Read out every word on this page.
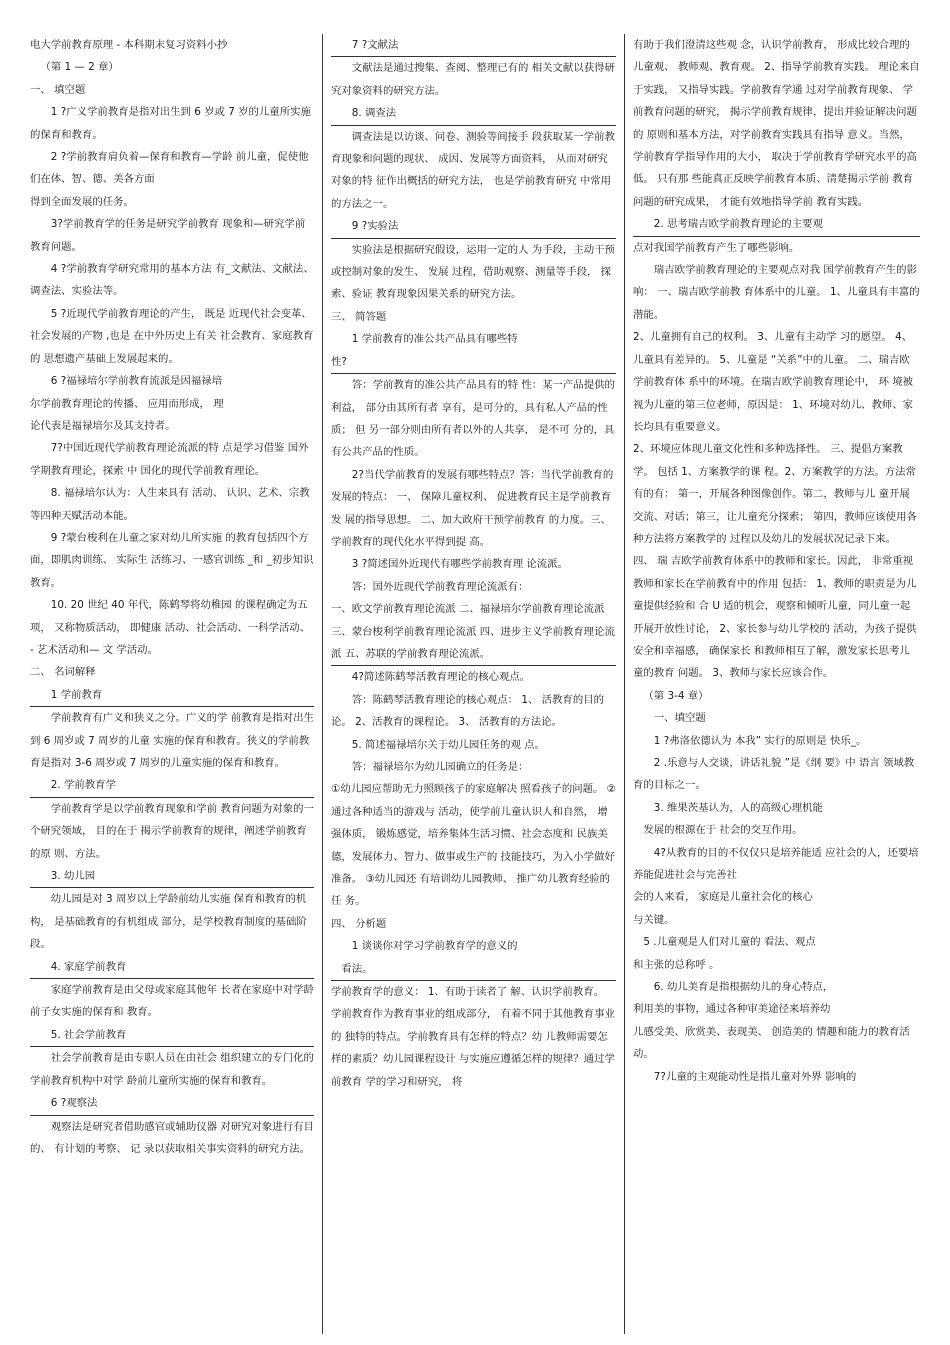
电大学前教育原理 - 本科期末复习资料小抄

（第 1 — 2 章）

一、 填空题

1 ?广义学前教育是指对出生到 6 岁或 7 岁的儿童所实施的保育和教育。

2 ?学前教育肩负着—保育和教育—学龄 前儿童，促使他们在体、智、德、美各方面

得到全面发展的任务。

3?学前教育学的任务是研究学前教育 现象和—研究学前教育问题。

4 ?学前教育学研究常用的基本方法 有_文献法、文献法、调查法、实验法等。

5 ?近现代学前教育理论的产生， 既是 近现代社会变革、社会发展的产物 ,也是 在中外历史上有关 社会教育、家庭教育的 思想遗产基础上发展起来的。

6 ?福禄培尔学前教育流派是因福禄培

尔学前教育理论的传播、 应用而形成， 理

论代表是福禄培尔及其支持者。

7?中国近现代学前教育理论流派的特 点是学习借鉴 国外学期教育理论，探索 中 国化的现代学前教育理论。

8. 福禄培尔认为：人生来具有 活动、 认识、艺术、宗教等四种天赋活动本能。

9 ?蒙台梭利在儿童之家对幼儿所实施 的教育包括四个方面，即肌肉训练、 实际生 活练习、一感官训练 _和 _初步知识教育。

10. 20 世纪 40 年代，陈鹤琴将幼稚园 的课程确定为五项， 又称物质活动， 即健康 活动、社会活动、一科学活动、 - 艺术活动和— 文 学活动。

二、 名词解释

1 学前教育

学前教育有广义和狭义之分。广义的学 前教育是指对出生到 6 周岁或 7 周岁的儿童 实施的保育和教育。狭义的学前教育是指对 3-6 周岁或 7 周岁的儿童实施的保育和教育。

2. 学前教育学

学前教育学是以学前教育现象和学前 教育问题为对象的一个研究领域， 目的在于 揭示学前教育的规律，阐述学前教育的原 则、方法。

3. 幼儿园

幼儿园是对 3 周岁以上学龄前幼儿实施 保育和教育的机构， 是基础教育的有机组成 部分，是学校教育制度的基础阶段。

4. 家庭学前教育

家庭学前教育是由父母或家庭其他年 长者在家庭中对学龄前子女实施的保育和 教育。

5. 社会学前教育

社会学前教育是由专职人员在由社会 组织建立的专门化的学前教育机构中对学 龄前儿童所实施的保育和教育。

6 ?观察法

观察法是研究者借助感官或辅助仪器 对研究对象进行有目的、 有计划的考察、 记 录以获取相关事实资料的研究方法。

7 ?文献法

文献法是通过搜集、查阅、整理已有的 相关文献以获得研究对象资料的研究方法。

8. 调查法

调查法是以访谈、问卷、测验等间接手 段获取某一学前教育现象和问题的现状、 成因、发展等方面资料， 从而对研究对象的特 征作出概括的研究方法， 也是学前教育研究 中常用的方法之一。

9 ?实验法

实验法是根据研究假设，运用一定的人 为手段，主动干预或控制对象的发生、 发展 过程，借助观察、测量等手段， 探索、验证 教育现象因果关系的研究方法。

三、 简答题

1 学前教育的准公共产品具有哪些特

性?

答：学前教育的准公共产品具有的特 性：某一产品提供的利益， 部分由其所有者 享有，是可分的，具有私人产品的性质； 但 另一部分则由所有者以外的人共享， 是不可 分的，具有公共产品的性质。

2?当代学前教育的发展有哪些特点？答：当代学前教育的发展的特点： 一、 保障儿童权利、 促进教育民主是学前教育发 展的指导思想。 二、加大政府干预学前教育 的力度。三、学前教育的现代化水平得到提 高。

3 ?简述国外近现代有哪些学前教育理 论流派。

答：国外近现代学前教育理论流派有：

一、欧文学前教育理论流派 二、福禄培尔学前教育理论流派 三、蒙台梭利学前教育理论流派 四、进步主义学前教育理论流派 五、苏联的学前教育理论流派。

4?简述陈鹤琴活教育理论的核心观点。

答：陈鹤琴活教育理论的核心观点： 1、 活教育的目的论。 2、活教育的课程论。 3、 活教育的方法论。

5. 简述福禄培尔关于幼儿园任务的观 点。

答：福禄培尔为幼儿园确立的任务是：

①幼儿园应帮助无力照顾孩子的家庭解决 照看孩子的问题。 ②通过各种适当的游戏与 活动，使学前儿童认识人和自然， 增强体质， 锻炼感觉，培养集体生活习惯、社会态度和 民族美德，发展体力、智力、做事或生产的 技能技巧，为入小学做好准备。 ③幼儿园还 有培训幼儿园教师、 推广幼儿教育经验的任 务。

四、 分析题

1 谈谈你对学习学前教育学的意义的

看法。

学前教育学的意义： 1、有助于读者了 解、认识学前教育。 学前教育作为教育事业的组成部分， 有着不同于其他教育事业的 独特的特点。学前教育具有怎样的特点？幼 儿教师需要怎样的素质？幼儿园课程设计 与实施应遵循怎样的规律？通过学前教育 学的学习和研究， 将

有助于我们澄清这些观 念，认识学前教育， 形成比较合理的儿童观、 教师观、教育观。 2、指导学前教育实践。 理论来自于实践， 又指导实践。学前教育学通 过对学前教育现象、 学前教育问题的研究， 揭示学前教育规律，提出并验证解决问题的 原则和基本方法，对学前教育实践具有指导 意义。当然，学前教育学指导作用的大小， 取决于学前教育学研究水平的高低。 只有那 些能真正反映学前教育本质、清楚揭示学前 教育问题的研究成果， 才能有效地指导学前 教育实践。

2. 思考瑞吉欧学前教育理论的主要观

点对我国学前教育产生了哪些影响。

瑞吉欧学前教育理论的主要观点对我 国学前教育产生的影响： 一、瑞吉欧学前教 育体系中的儿童。 1、儿童具有丰富的潜能。

2、儿童拥有自己的权利。 3、儿童有主动学 习的愿望。 4、儿童具有差异的。 5、儿童是 “关系”中的儿童。 二、瑞吉欧学前教育体 系中的环境。在瑞吉欧学前教育理论中， 环 境被视为儿童的第三位老师，原因是： 1、环境对幼儿、教师、家长均具有重要意义。

2、环境应体现儿童文化性和多种选择性。 三、提倡方案教学。 包括 1、方案教学的课 程。2、方案教学的方法。方法常有的有： 第一，开展各种图像创作。第二，教师与儿 童开展交流、对话；第三，让儿童充分探索； 第四，教师应该使用各种方法将方案教学的 过程以及幼儿的发展状况记录下来。 四、 瑞 吉欧学前教育体系中的教师和家长。因此， 非常重视教师和家长在学前教育中的作用 包括： 1、教师的职责是为儿童提供经验和 合 U 适的机会，观察和倾听儿童，同儿童一起 开展开放性讨论， 2、家长参与幼儿学校的 活动，为孩子提供安全和幸福感， 确保家长 和教师相互了解，激发家长思考儿童的教育 问题。 3、教师与家长应该合作。

（第 3-4 章）

一、填空题

1 ?弗洛依德认为 本我” 实行的原则是 快乐_。

2 .乐意与人交谈，讲话礼貌 ”是《纲 要》中 语言 领域教育的目标之一。

3. 维果茨基认为，人的高级心理机能

发展的根源在于 社会的交互作用。

4?从教育的目的不仅仅只是培养能适 应社会的人，还要培养能促进社会与完善社

会的人来看， 家庭是儿童社会化的核心

与关键。

5 .儿童观是人们对儿童的 看法、观点

和主张的总称呼 。

6. 幼儿美育是指根据幼儿的身心特点，

利用美的事物，通过各种审美途径来培养幼

儿感受美、欣赏美、表现美、 创造美的 情趣和能力的教育活动。

7?儿童的主观能动性是指儿童对外界 影响的
